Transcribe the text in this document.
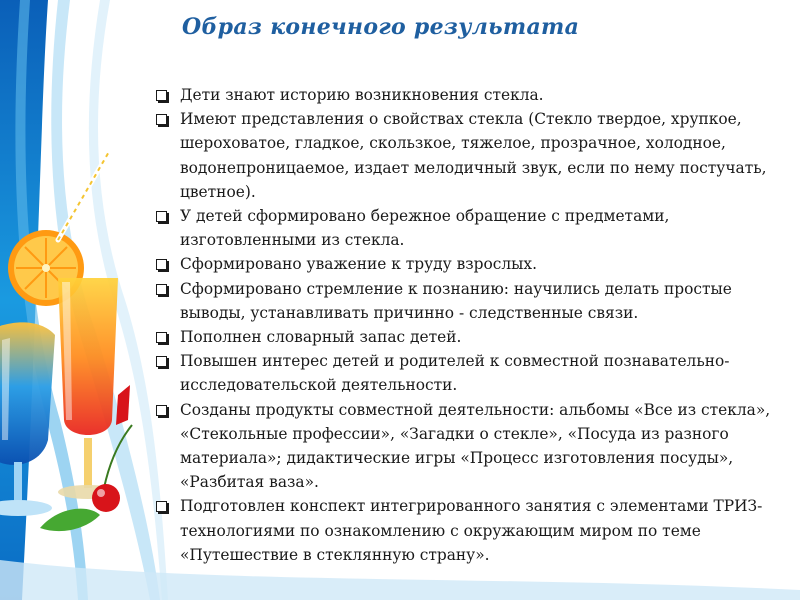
Образ конечного результата
Дети знают историю возникновения стекла.
Имеют представления о свойствах стекла (Стекло твердое, хрупкое, шероховатое, гладкое, скользкое, тяжелое, прозрачное, холодное, водонепроницаемое, издает мелодичный звук, если по нему постучать, цветное).
У детей сформировано бережное обращение с предметами, изготовленными из стекла.
Сформировано уважение к труду взрослых.
Сформировано стремление к познанию: научились делать простые выводы, устанавливать причинно - следственные связи.
Пополнен словарный запас детей.
Повышен интерес детей и родителей к совместной познавательно-исследовательской деятельности.
Созданы продукты совместной деятельности: альбомы «Все из стекла», «Стекольные профессии», «Загадки о стекле», «Посуда из разного материала»; дидактические игры «Процесс изготовления посуды», «Разбитая ваза».
Подготовлен конспект интегрированного занятия с элементами ТРИЗ-технологиями по ознакомлению с окружающим миром по теме «Путешествие в стеклянную страну».
